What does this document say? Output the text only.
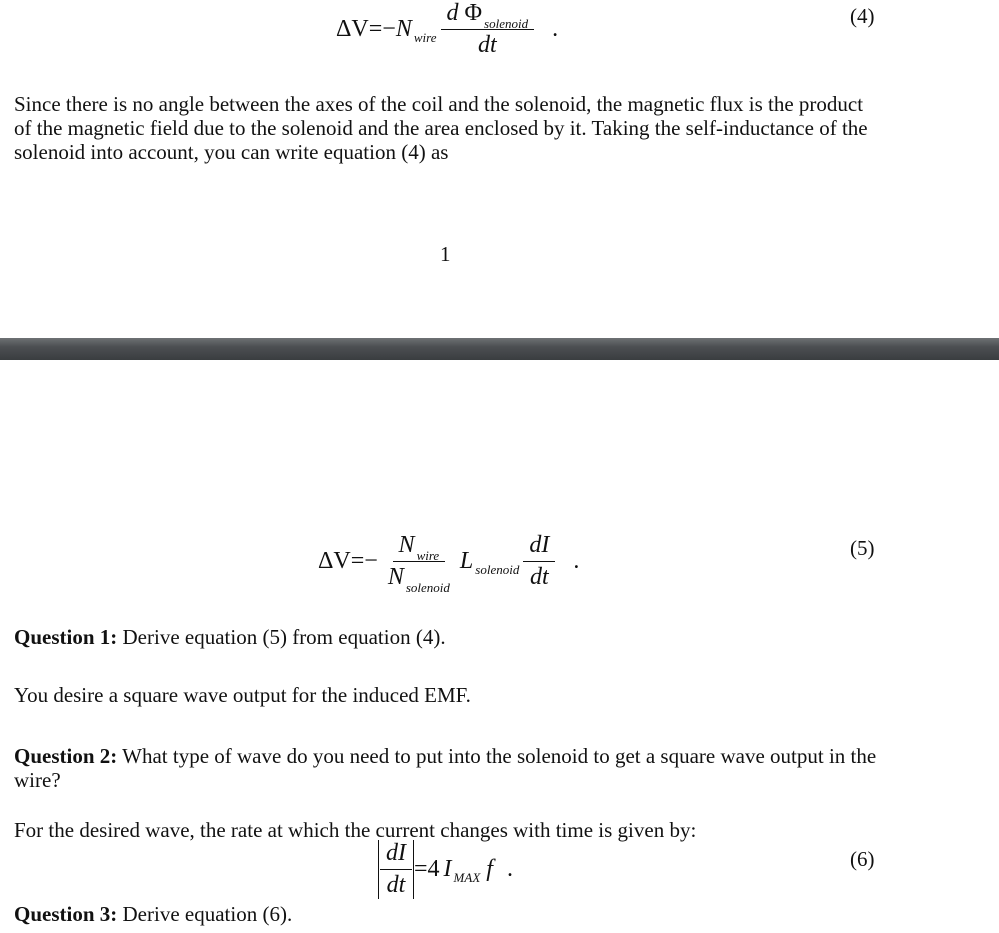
ΔV =− N wire $\frac{\text{d Φ solenoid}}{dt}$ .	(4)

Since there is no angle between the axes of the coil and the solenoid, the magnetic flux is the product of the magnetic field due to the solenoid and the area enclosed by it. Taking the self-inductance of the solenoid into account, you can write equation (4) as

1
$\Delta V =- \frac{\text{N wire}}{\text{N solenoid}}$ L solenoid $\frac{dI}{dt}$ .	(5)

Question 1: Derive equation (5) from equation (4).

You desire a square wave output for the induced EMF.

Question 2: What type of wave do you need to put into the solenoid to get a square wave output in the wire?

For the desired wave, the rate at which the current changes with time is given by:

$\frac{dI}{dt} =4$ I MAX f .	(6)

Question 3: Derive equation (6).
